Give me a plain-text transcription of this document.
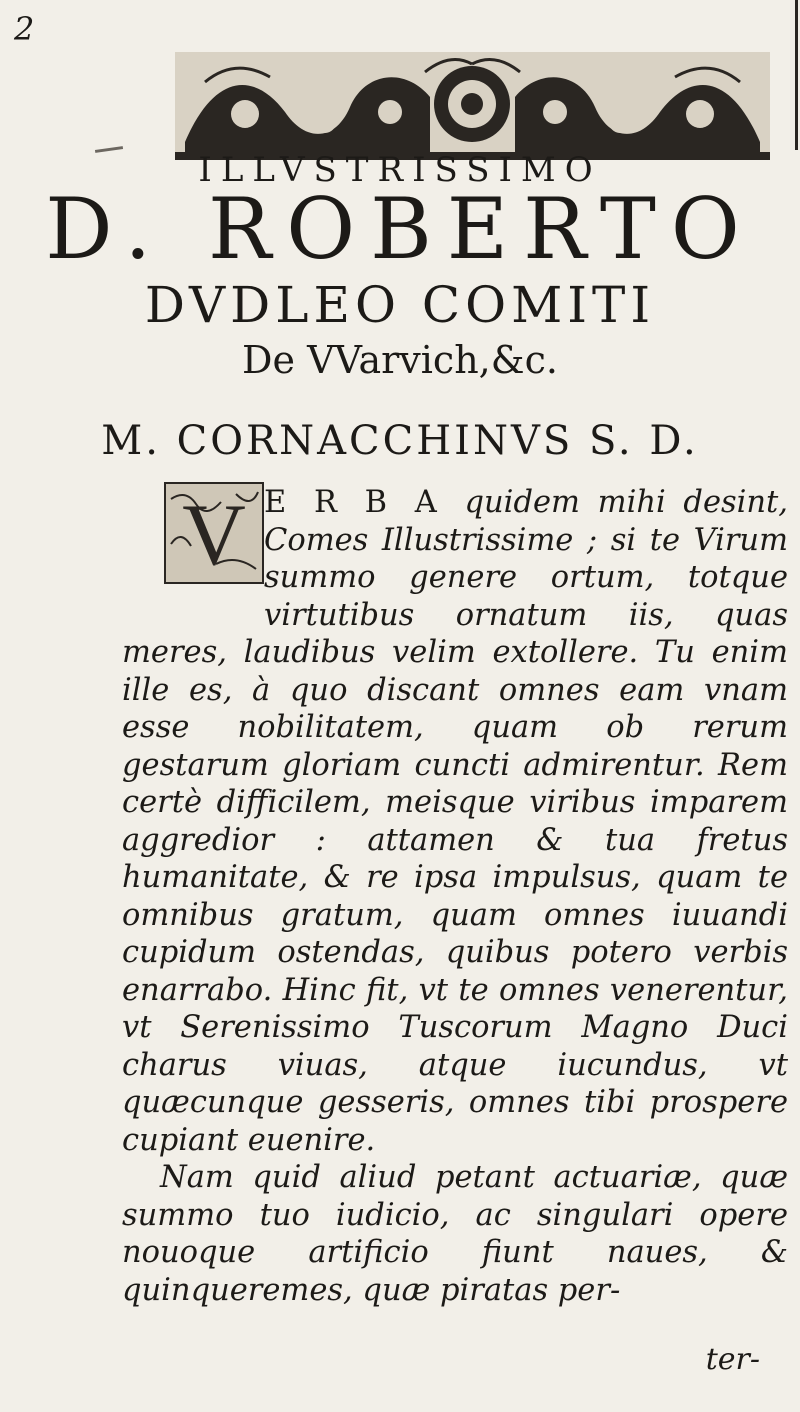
2
ILLVSTRISSIMO
D. ROBERTO
DVDLEO COMITI
De VVarvich,&c.
M. CORNACCHINVS S. D.
V E R B A quidem mihi desint, Comes Illustrissime ; si te Virum summo genere ortum, totque virtutibus ornatum iis, quas meres, laudibus velim extollere. Tu enim ille es, à quo discant omnes eam vnam esse nobilitatem, quam ob rerum gestarum gloriam cuncti admirentur. Rem certè difficilem, meisque viribus imparem aggredior : attamen & tua fretus humanitate, & re ipsa impulsus, quam te omnibus gratum, quam omnes iuuandi cupidum ostendas, quibus potero verbis enarrabo. Hinc fit, vt te omnes venerentur, vt Serenissimo Tuscorum Magno Duci charus viuas, atque iucundus, vt quæcunque gesseris, omnes tibi prospere cupiant euenire.

Nam quid aliud petant actuariæ, quæ summo tuo iudicio, ac singulari opere nouoque artificio fiunt naues, & quinqueremes, quæ piratas per-

ter-
